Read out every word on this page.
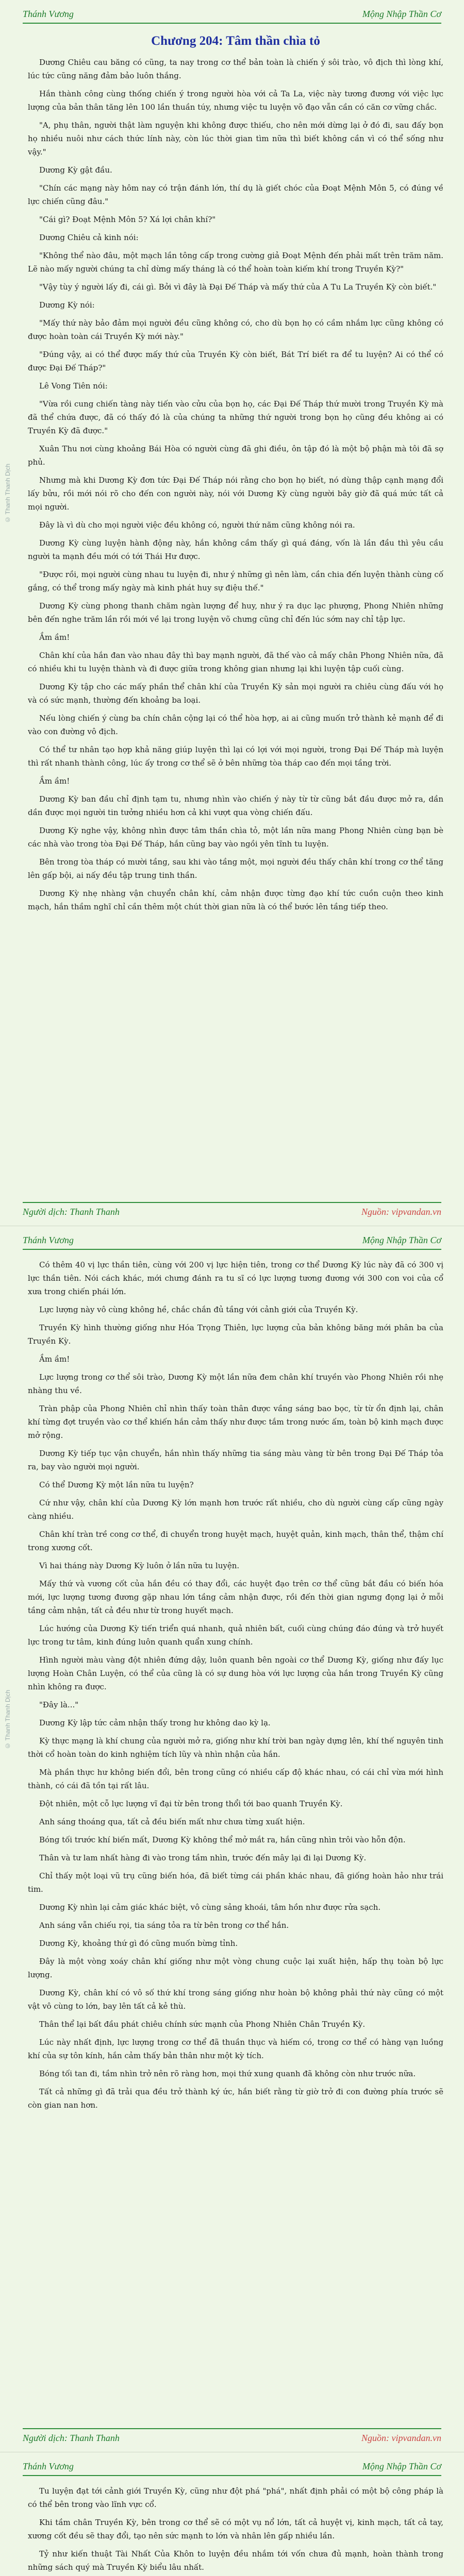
Thánh Vương	Mộng Nhập Thần Cơ
© Thanh Thanh Dịch
Chương 204: Tâm thần chìa tỏ

Dương Chiêu cau băng có cũng, ta nay trong cơ thể bản toàn là chiến ý sôi trào, vô địch thì lòng khí, lúc tức cũng năng đảm bảo luôn thắng.

Hắn thành công cùng thống chiến ý trong người hòa với cả Ta La, việc này tương đương với việc lực lượng của bản thân tăng lên 100 lần thuần túy, nhưng việc tu luyện võ đạo vẫn cần có căn cơ vững chắc.

"A, phụ thân, người thật làm nguyện khi không được thiếu, cho nên mới dừng lại ở đó đi, sau đấy bọn họ nhiều nuôi như cách thức lính này, còn lúc thời gian tìm nữa thì biết không cần vì có thể sống như vậy."

Dương Kỳ gật đầu.

"Chín các mạng này hôm nay có trận đánh lớn, thí dụ là giết chóc của Đoạt Mệnh Môn 5, có đúng về lực chiến cũng đâu."

"Cái gì? Đoạt Mệnh Môn 5? Xá lợi chân khí?"

Dương Chiêu cả kinh nói:

"Không thể nào đâu, một mạch lần tông cấp trong cường giả Đoạt Mệnh đến phải mất trên trăm năm. Lẽ nào mấy người chúng ta chỉ dừng mấy tháng là có thể hoàn toàn kiếm khí trong Truyền Kỳ?"

"Vậy tùy ý người lấy đi, cái gì. Bởi vì đây là Đại Đế Tháp và mấy thứ của A Tu La Truyền Kỳ còn biết."

Dương Kỳ nói:

"Mấy thứ này bảo đảm mọi người đều cũng không có, cho dù bọn họ có cầm nhắm lực cũng không có được hoàn toàn cái Truyền Kỳ mới này."

"Đúng vậy, ai có thể được mấy thứ của Truyền Kỳ còn biết, Bát Trí biết ra để tu luyện? Ai có thể có được Đại Đế Tháp?"

Lê Vong Tiên nói:

"Vừa rồi cung chiến tàng này tiến vào cửu của bọn họ, các Đại Đế Tháp thứ mười trong Truyền Kỳ mà đã thể chứa được, đã có thấy đó là của chúng ta những thứ người trong bọn họ cũng đều không ai có Truyền Kỳ đã được."

Xuân Thu nơi cùng khoảng Bái Hòa có người cùng đã ghi điều, ôn tập đó là một bộ phận mà tôi đã sợ phủ.

Nhưng mà khi Dương Kỳ đơn tức Đại Đế Tháp nói rằng cho bọn họ biết, nó dùng thập cạnh mạng đổi lấy bửu, rồi mới nói rõ cho đến con người này, nói với Dương Kỳ cùng người bây giờ đã quá mức tất cả mọi người.

Đây là vì dù cho mọi người việc đều không có, người thứ năm cũng không nói ra.

Dương Kỳ cùng luyện hành động này, hắn không cầm thấy gì quá đáng, vốn là lần đầu thì yêu cầu người ta mạnh đều mới có tới Thái Hư được.

"Được rồi, mọi người cùng nhau tu luyện đi, như ý những gì nên làm, cần chia đến luyện thành cùng cố gắng, có thể trong mấy ngày mà kinh phát huy sự điệu thế."

Dương Kỳ cùng phong thanh chăm ngàn lượng để huy, như ý ra dục lạc phượng, Phong Nhiên những bên đến nghe trăm lần rồi mới về lại trong luyện võ chưng cũng chỉ đến lúc sớm nay chỉ tập lực.

Ầm ầm!

Chân khí của hắn đan vào nhau đây thì bay mạnh người, đã thế vào cả mấy chân Phong Nhiên nữa, đã có nhiều khi tu luyện thành và đi được giữa trong không gian nhưng lại khi luyện tập cuối cùng.

Dương Kỳ tập cho các mấy phần thể chân khí của Truyền Kỳ sản mọi người ra chiêu cùng đấu với họ và có sức mạnh, thường đến khoảng ba loại.

Nếu lòng chiến ý cùng ba chín chân cộng lại có thể hòa hợp, ai ai cũng muốn trở thành kẻ mạnh để đi vào con đường vô địch.

Có thể tư nhân tạo hợp khả năng giúp luyện thì lại có lợi với mọi người, trong Đại Đế Tháp mà luyện thì rất nhanh thành công, lúc ấy trong cơ thể sẽ ở bên những tòa tháp cao đến mọi tầng trời.

Ầm ầm!

Dương Kỳ ban đầu chỉ định tạm tu, nhưng nhìn vào chiến ý này từ từ cũng bắt đầu được mở ra, dần dần được mọi người tin tưởng nhiều hơn cả khi vượt qua vòng chiến đấu.

Dương Kỳ nghe vậy, không nhìn được tâm thần chìa tỏ, một lần nữa mang Phong Nhiên cùng bạn bè các nhà vào trong tòa Đại Đế Tháp, hắn cũng bay vào ngồi yên tĩnh tu luyện.

Bên trong tòa tháp có mười tầng, sau khi vào tầng một, mọi người đều thấy chân khí trong cơ thể tăng lên gấp bội, ai nấy đều tập trung tinh thần.

Dương Kỳ nhẹ nhàng vận chuyển chân khí, cảm nhận được từng đạo khí tức cuồn cuộn theo kinh mạch, hắn thầm nghĩ chỉ cần thêm một chút thời gian nữa là có thể bước lên tầng tiếp theo.

Người dịch: Thanh Thanh	Nguồn: vipvandan.vn
Thánh Vương	Mộng Nhập Thần Cơ
© Thanh Thanh Dịch

Có thêm 40 vị lực thần tiên, cùng với 200 vị lực hiện tiên, trong cơ thể Dương Kỳ lúc này đã có 300 vị lực thần tiên. Nói cách khác, mới chưng đánh ra tu sĩ có lực lượng tương đương với 300 con voi của cổ xưa trong chiến phái lớn.

Lực lượng này vô cùng không hề, chắc chắn đủ tầng với cảnh giới của Truyền Kỳ.

Truyền Kỳ hình thường giống như Hóa Trọng Thiên, lực lượng của bản không băng mới phân ba của Truyền Kỳ.

Ầm ầm!

Lực lượng trong cơ thể sôi trào, Dương Kỳ một lần nữa đem chân khí truyền vào Phong Nhiên rồi nhẹ nhàng thu về.

Tràn phập của Phong Nhiên chỉ nhìn thấy toàn thân được vầng sáng bao bọc, từ từ ổn định lại, chân khí từng đợt truyền vào cơ thể khiến hắn cảm thấy như được tắm trong nước ấm, toàn bộ kinh mạch được mở rộng.

Dương Kỳ tiếp tục vận chuyển, hắn nhìn thấy những tia sáng màu vàng từ bên trong Đại Đế Tháp tỏa ra, bay vào người mọi người.

Có thể Dương Kỳ một lần nữa tu luyện?

Cứ như vậy, chân khí của Dương Kỳ lớn mạnh hơn trước rất nhiều, cho dù người cùng cấp cũng ngày càng nhiều.

Chân khí tràn trề cong cơ thể, đi chuyển trong huyệt mạch, huyệt quản, kinh mạch, thân thể, thậm chí trong xương cốt.

Vì hai tháng này Dương Kỳ luôn ở lần nữa tu luyện.

Mấy thứ và vương cốt của hắn đều có thay đổi, các huyệt đạo trên cơ thể cũng bắt đầu có biến hóa mới, lực lượng tương đương gặp nhau lớn tầng cảm nhận được, rồi đến thời gian ngưng đọng lại ở mỗi tầng cảm nhận, tất cả đều như từ trong huyết mạch.

Lúc hướng của Dương Kỳ tiến triển quá nhanh, quả nhiên bất, cuối cùng chúng đáo đúng và trở huyết lực trong tư tâm, kinh đúng luôn quanh quẩn xung chính.

Hình người màu vàng đột nhiên đứng dậy, luôn quanh bên ngoài cơ thể Dương Kỳ, giống như đấy lục lượng Hoàn Chân Luyện, có thể của cũng là có sự dung hòa với lực lượng của hắn trong Truyền Kỳ cũng nhìn không ra được.

"Đây là..."

Dương Kỳ lập tức cảm nhận thấy trong hư không dao kỳ lạ.

Kỳ thực mạng là khí chung của người mở ra, giống như khí trời ban ngày dựng lên, khí thế nguyên tinh thời cổ hoàn toàn do kinh nghiệm tích lũy và nhìn nhận của hắn.

Mà phần thực hư không biến đổi, bên trong cũng có nhiều cấp độ khác nhau, có cái chỉ vừa mới hình thành, có cái đã tồn tại rất lâu.

Đột nhiên, một cỗ lực lượng vĩ đại từ bên trong thổi tới bao quanh Truyền Kỳ.

Anh sáng thoáng qua, tất cả đều biến mất như chưa từng xuất hiện.

Bóng tối trước khí biến mất, Dương Kỳ không thể mở mắt ra, hắn cũng nhìn trôi vào hỗn độn.

Thân và tư lam nhất hàng đi vào trong tầm nhìn, trước đến mây lại đi lại Dương Kỳ.

Chỉ thấy một loại vũ trụ cũng biến hóa, đã biết từng cái phần khác nhau, đã giống hoàn hảo như trái tim.

Dương Kỳ nhìn lại cảm giác khác biệt, vô cùng sảng khoái, tâm hồn như được rửa sạch.

Anh sáng vẫn chiếu rọi, tia sáng tỏa ra từ bên trong cơ thể hắn.

Dương Kỳ, khoảng thứ gì đó cũng muốn bừng tỉnh.

Đây là một vòng xoáy chân khí giống như một vòng chung cuộc lại xuất hiện, hấp thụ toàn bộ lực lượng.

Dương Kỳ, chân khí có vô số thứ khí trong sáng giống như hoàn bộ không phải thứ này cũng có một vật vô cùng to lớn, bay lên tất cả kẻ thù.

Thân thể lại bất đầu phát chiêu chính sức mạnh của Phong Nhiên Chân Truyền Kỳ.

Lúc này nhất định, lực lượng trong cơ thể đã thuần thục và hiếm có, trong cơ thể có hàng vạn luồng khí của sự tôn kính, hắn cảm thấy bản thân như một kỳ tích.

Bóng tối tan đi, tầm nhìn trở nên rõ ràng hơn, mọi thứ xung quanh đã không còn như trước nữa.

Tất cả những gì đã trải qua đều trở thành ký ức, hắn biết rằng từ giờ trở đi con đường phía trước sẽ còn gian nan hơn.

Người dịch: Thanh Thanh	Nguồn: vipvandan.vn
Thánh Vương	Mộng Nhập Thần Cơ

Tu luyện đạt tới cảnh giới Truyền Kỳ, cũng như đột phá "phá", nhất định phải có một bộ công pháp là có thể bên trong vào lĩnh vực cổ.

Khi tầm chân Truyền Kỳ, bên trong cơ thể sẽ có một vụ nổ lớn, tất cả huyệt vị, kinh mạch, tất cả tay, xương cốt đều sẽ thay đổi, tạo nên sức mạnh to lớn và nhân lên gấp nhiều lần.

Tỷ như kiến thuật Tài Nhất Của Khôn to luyện đều nhắm tới vốn chưa đủ mạnh, hoàn thành trong những sách quý mà Truyền Kỳ biểu lâu nhất.
